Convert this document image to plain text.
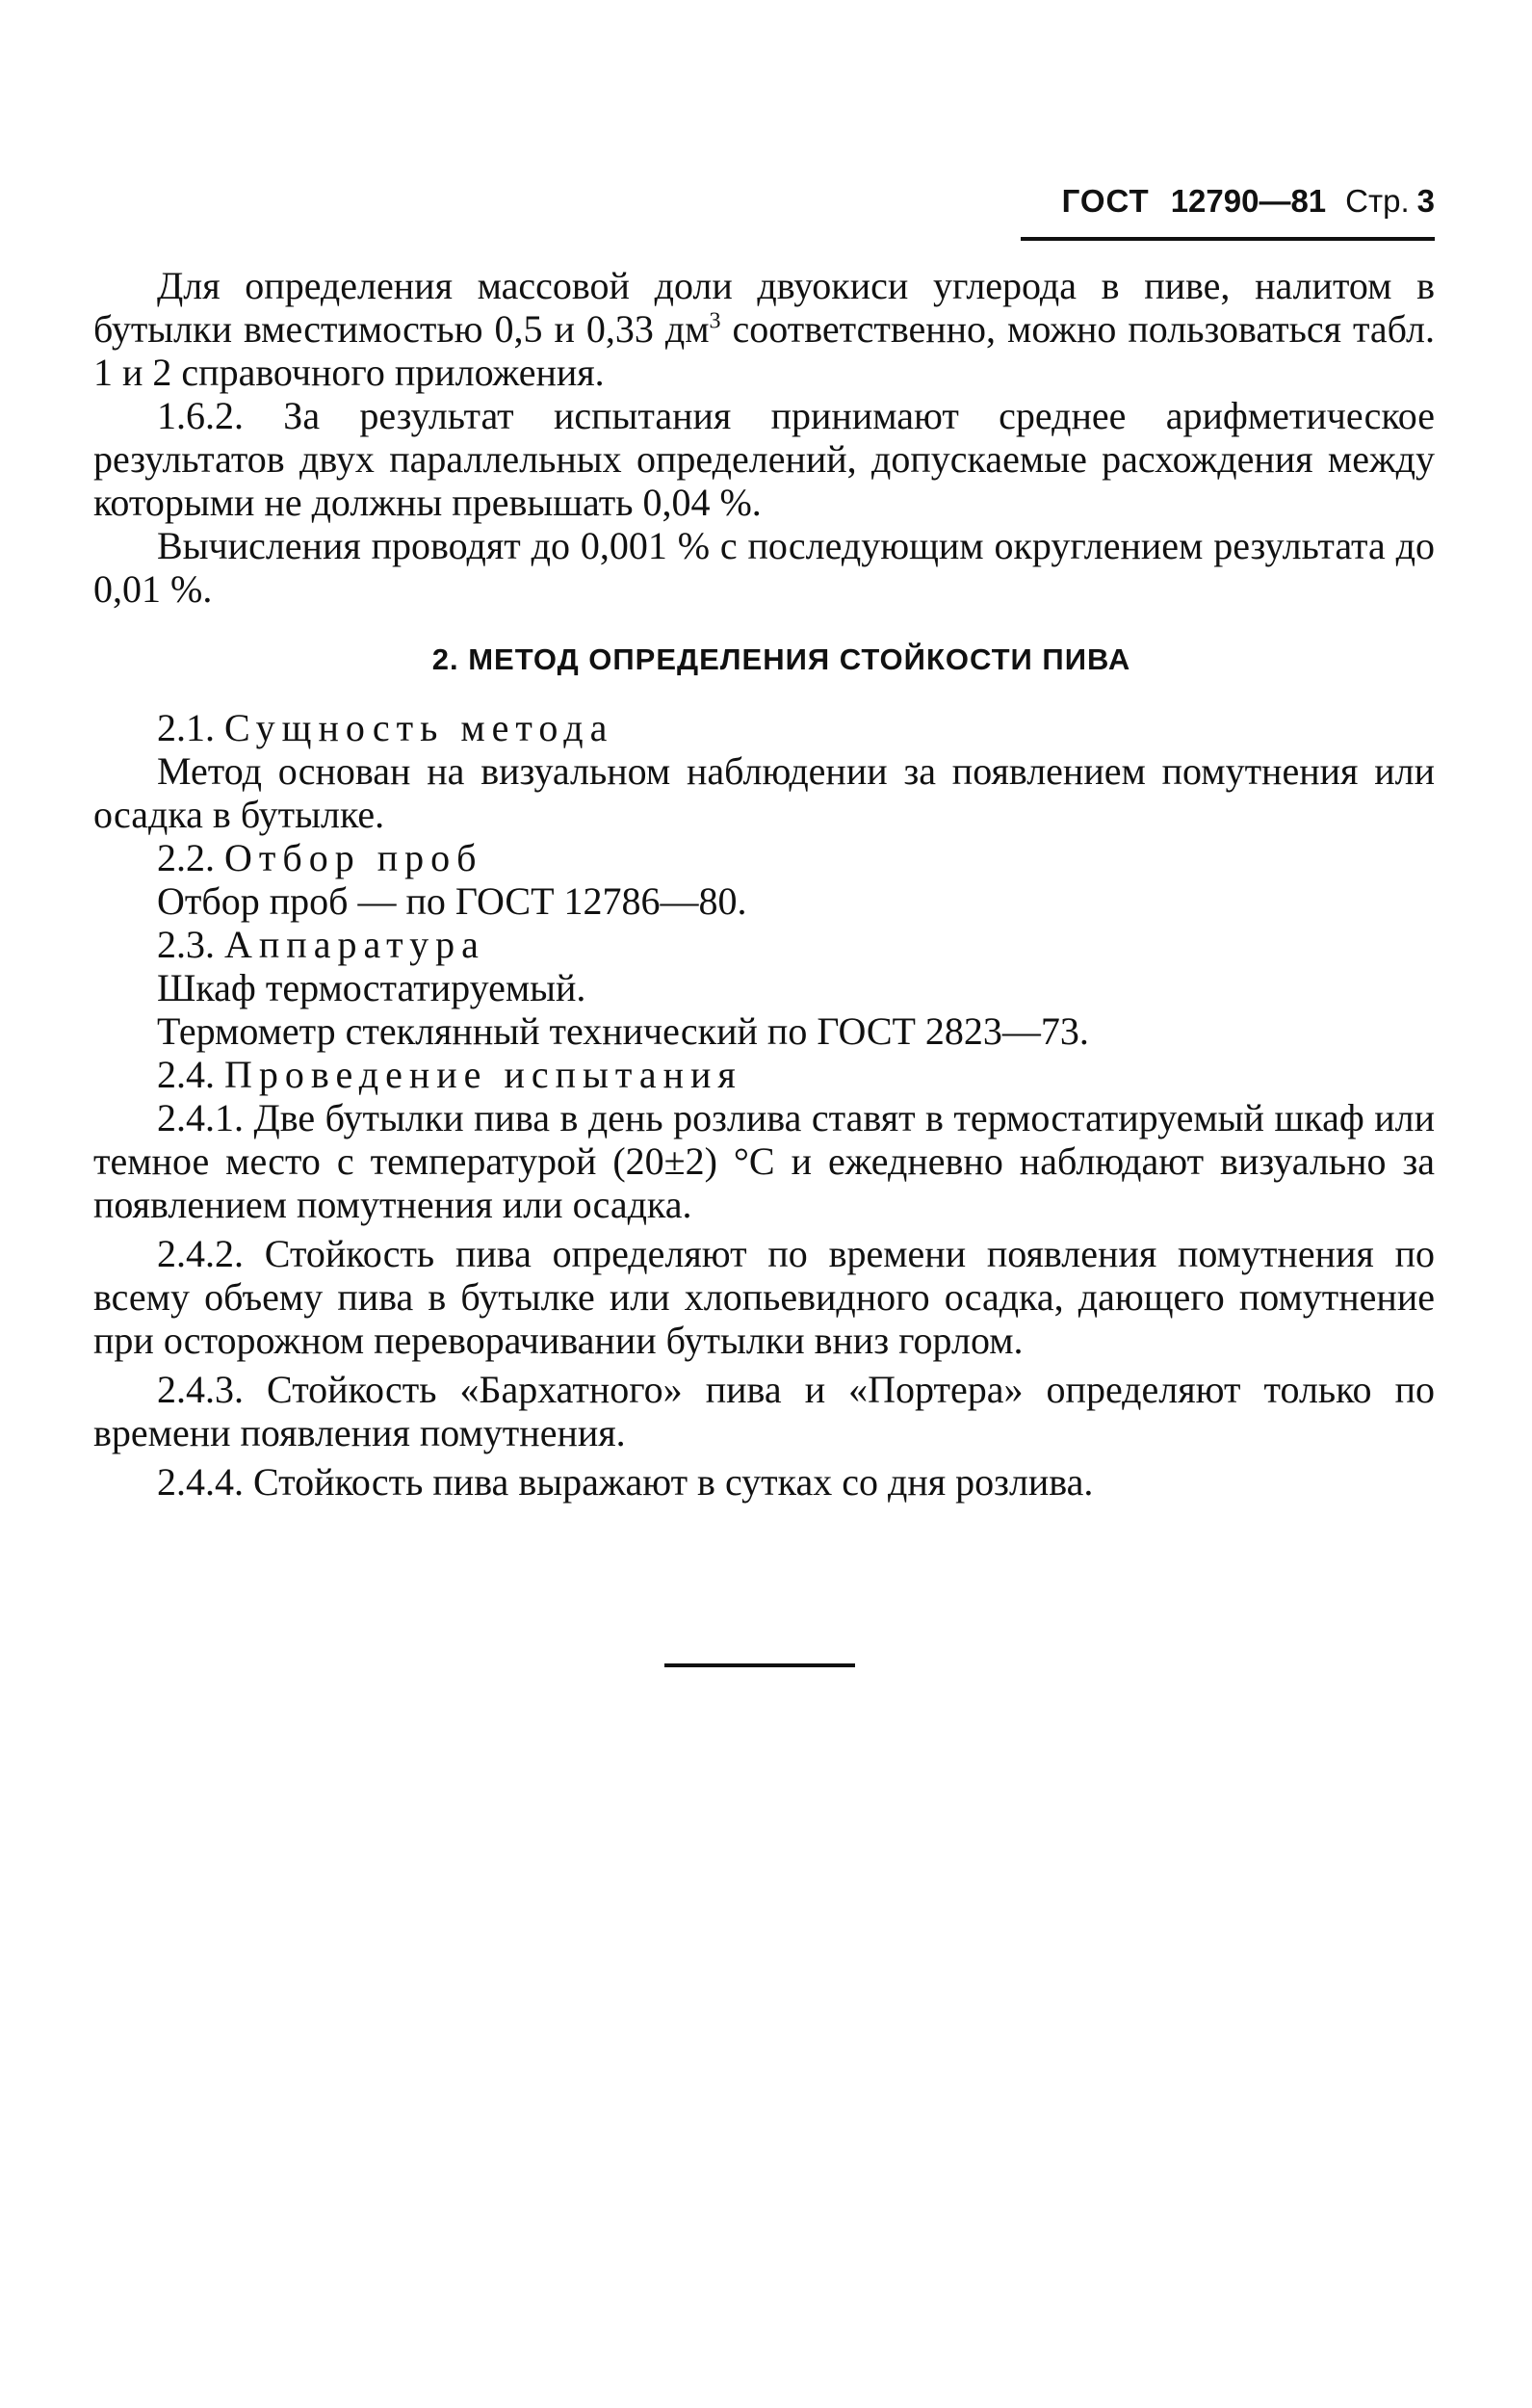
ГОСТ 12790—81 Стр. 3

Для определения массовой доли двуокиси углерода в пиве, налитом в бутылки вместимостью 0,5 и 0,33 $дм^3$ соответственно, можно пользоваться табл. 1 и 2 справочного приложения.

1.6.2. За результат испытания принимают среднее арифметическое результатов двух параллельных определений, допускаемые расхождения между которыми не должны превышать 0,04 %.

Вычисления проводят до 0,001 % с последующим округлением результата до 0,01 %.

2. МЕТОД ОПРЕДЕЛЕНИЯ СТОЙКОСТИ ПИВА

2.1. Сущность метода

Метод основан на визуальном наблюдении за появлением помутнения или осадка в бутылке.

2.2. Отбор проб

Отбор проб — по ГОСТ 12786—80.

2.3. Аппаратура

Шкаф термостатируемый.

Термометр стеклянный технический по ГОСТ 2823—73.

2.4. Проведение испытания

2.4.1. Две бутылки пива в день розлива ставят в термостатируемый шкаф или темное место с температурой (20±2) °С и ежедневно наблюдают визуально за появлением помутнения или осадка.

2.4.2. Стойкость пива определяют по времени появления помутнения по всему объему пива в бутылке или хлопьевидного осадка, дающего помутнение при осторожном переворачивании бутылки вниз горлом.

2.4.3. Стойкость «Бархатного» пива и «Портера» определяют только по времени появления помутнения.

2.4.4. Стойкость пива выражают в сутках со дня розлива.
